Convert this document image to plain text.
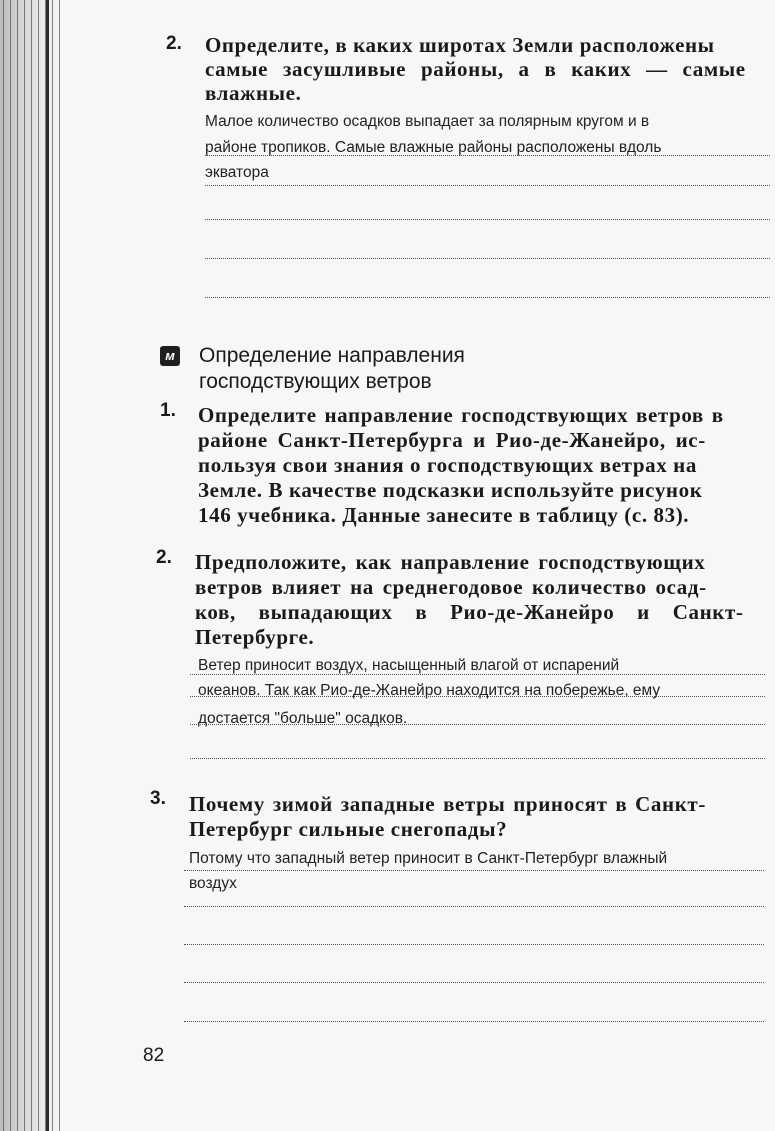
2. Определите, в каких широтах Земли расположены
самые засушливые районы, а в каких — самые
влажные.
Малое количество осадков выпадает за полярным кругом и в
районе тропиков. Самые влажные районы расположены вдоль
экватора
м Определение направления
господствующих ветров
1. Определите направление господствующих ветров в
районе Санкт-Петербурга и Рио-де-Жанейро, ис-
пользуя свои знания о господствующих ветрах на
Земле. В качестве подсказки используйте рисунок
146 учебника. Данные занесите в таблицу (с. 83).
2. Предположите, как направление господствующих
ветров влияет на среднегодовое количество осад-
ков, выпадающих в Рио-де-Жанейро и Санкт-
Петербурге.
Ветер приносит воздух, насыщенный влагой от испарений
океанов. Так как Рио-де-Жанейро находится на побережье, ему
достается "больше" осадков.
3. Почему зимой западные ветры приносят в Санкт-
Петербург сильные снегопады?
Потому что западный ветер приносит в Санкт-Петербург влажный
воздух
82
